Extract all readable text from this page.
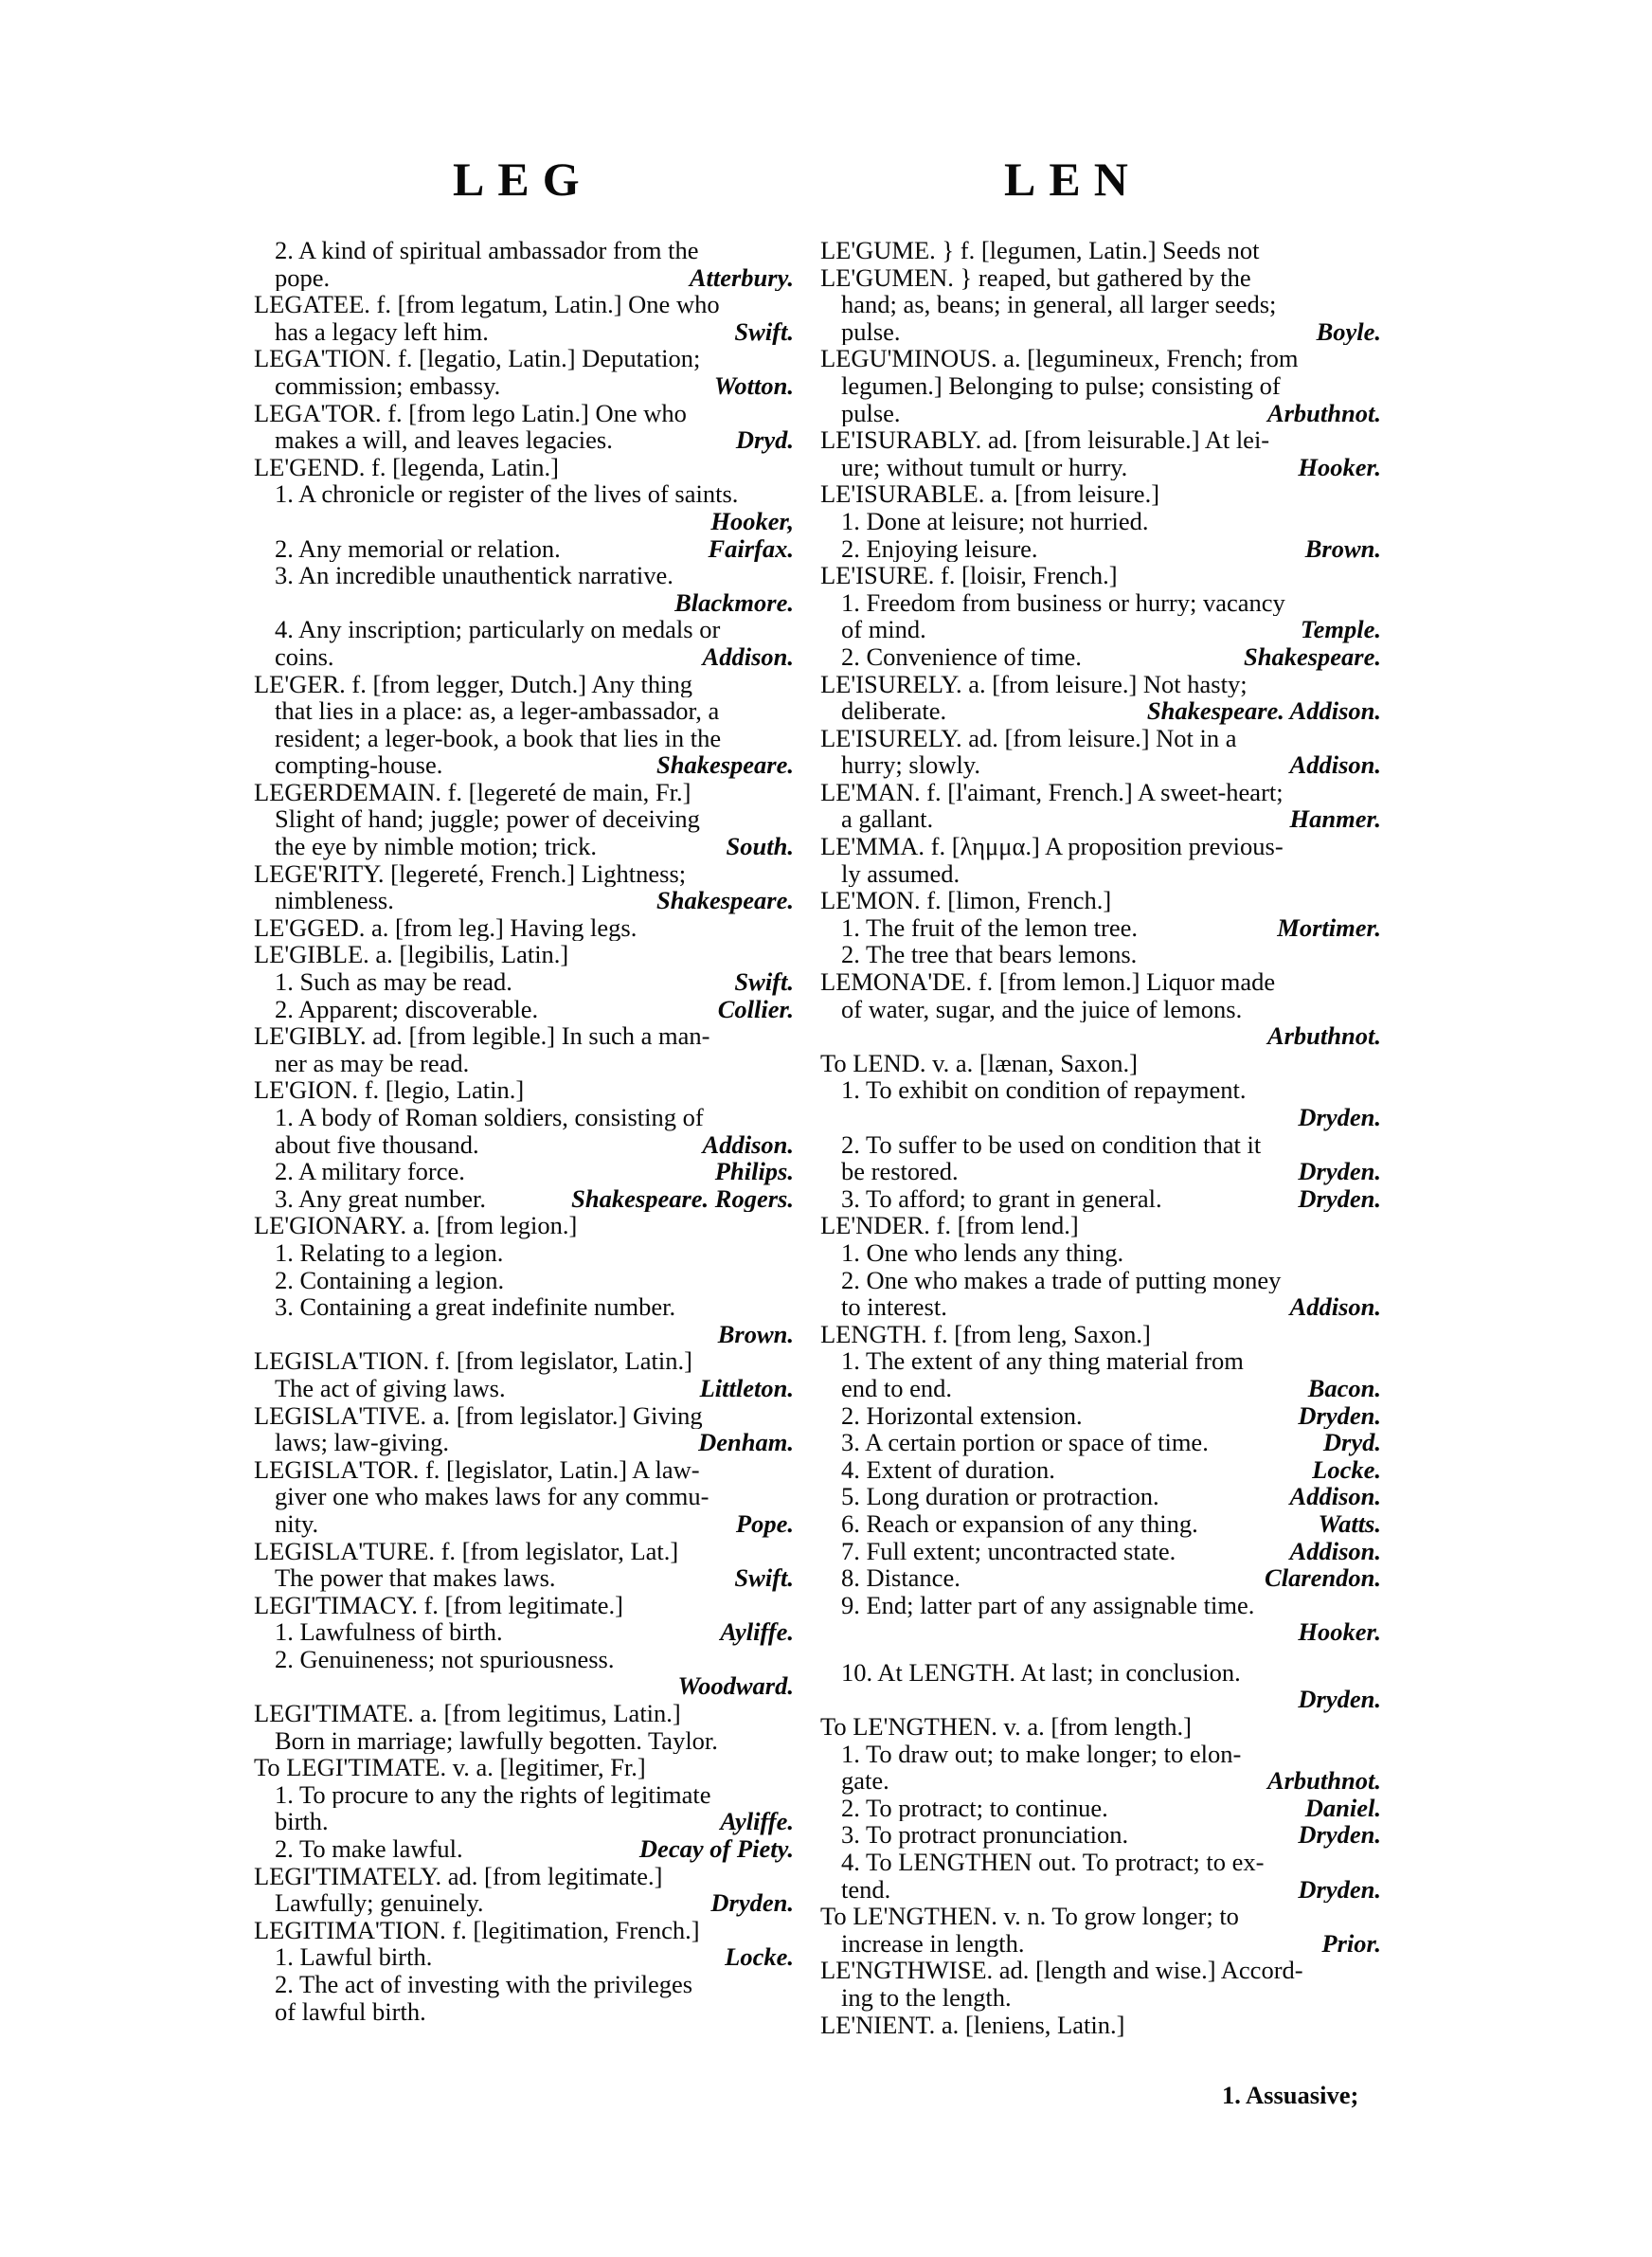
LEG	LEN
2. A kind of spiritual ambassador from the
Atterbury.
pope.
LEGATEE. f. [from legatum, Latin.] One who
Swift.
has a legacy left him.
LEGA'TION. f. [legatio, Latin.] Deputation;
Wotton.
commission; embassy.
LEGA'TOR. f. [from lego Latin.] One who
Dryd.
makes a will, and leaves legacies.
LE'GEND. f. [legenda, Latin.]
1. A chronicle or register of the lives of saints.
Hooker,

Fairfax.
2. Any memorial or relation.
3. An incredible unauthentick narrative.
Blackmore.

4. Any inscription; particularly on medals or
Addison.
coins.
LE'GER. f. [from legger, Dutch.] Any thing
that lies in a place: as, a leger-ambassador, a
resident; a leger-book, a book that lies in the
Shakespeare.
compting-house.
LEGERDEMAIN. f. [legereté de main, Fr.]
Slight of hand; juggle; power of deceiving
South.
the eye by nimble motion; trick.
LEGE'RITY. [legereté, French.] Lightness;
Shakespeare.
nimbleness.
LE'GGED. a. [from leg.] Having legs.
LE'GIBLE. a. [legibilis, Latin.]
Swift.
1. Such as may be read.
Collier.
2. Apparent; discoverable.
LE'GIBLY. ad. [from legible.] In such a man-
ner as may be read.
LE'GION. f. [legio, Latin.]
1. A body of Roman soldiers, consisting of
Addison.
about five thousand.
Philips.
2. A military force.
Shakespeare. Rogers.
3. Any great number.
LE'GIONARY. a. [from legion.]
1. Relating to a legion.
2. Containing a legion.
3. Containing a great indefinite number.
Brown.

LEGISLA'TION. f. [from legislator, Latin.]
Littleton.
The act of giving laws.
LEGISLA'TIVE. a. [from legislator.] Giving
Denham.
laws; law-giving.
LEGISLA'TOR. f. [legislator, Latin.] A law-
giver one who makes laws for any commu-
Pope.
nity.
LEGISLA'TURE. f. [from legislator, Lat.]
Swift.
The power that makes laws.
LEGI'TIMACY. f. [from legitimate.]
Ayliffe.
1. Lawfulness of birth.
2. Genuineness; not spuriousness.
Woodward.

LEGI'TIMATE. a. [from legitimus, Latin.]
Born in marriage; lawfully begotten. Taylor.
To LEGI'TIMATE. v. a. [legitimer, Fr.]
1. To procure to any the rights of legitimate
Ayliffe.
birth.
Decay of Piety.
2. To make lawful.
LEGI'TIMATELY. ad. [from legitimate.]
Dryden.
Lawfully; genuinely.
LEGITIMA'TION. f. [legitimation, French.]
Locke.
1. Lawful birth.
2. The act of investing with the privileges
of lawful birth.
LE'GUME. } f. [legumen, Latin.] Seeds not
LE'GUMEN. } reaped, but gathered by the
hand; as, beans; in general, all larger seeds;
Boyle.
pulse.
LEGU'MINOUS. a. [legumineux, French; from
legumen.] Belonging to pulse; consisting of
Arbuthnot.
pulse.
LE'ISURABLY. ad. [from leisurable.] At lei-
Hooker.
ure; without tumult or hurry.
LE'ISURABLE. a. [from leisure.]
1. Done at leisure; not hurried.
Brown.
2. Enjoying leisure.
LE'ISURE. f. [loisir, French.]
1. Freedom from business or hurry; vacancy
Temple.
of mind.
Shakespeare.
2. Convenience of time.
LE'ISURELY. a. [from leisure.] Not hasty;
Shakespeare. Addison.
deliberate.
LE'ISURELY. ad. [from leisure.] Not in a
Addison.
hurry; slowly.
LE'MAN. f. [l'aimant, French.] A sweet-heart;
Hanmer.
a gallant.
LE'MMA. f. [λημμα.] A proposition previous-
ly assumed.
LE'MON. f. [limon, French.]
Mortimer.
1. The fruit of the lemon tree.
2. The tree that bears lemons.
LEMONA'DE. f. [from lemon.] Liquor made
of water, sugar, and the juice of lemons.
Arbuthnot.

To LEND. v. a. [lænan, Saxon.]
1. To exhibit on condition of repayment.
Dryden.

2. To suffer to be used on condition that it
Dryden.
be restored.
Dryden.
3. To afford; to grant in general.
LE'NDER. f. [from lend.]
1. One who lends any thing.
2. One who makes a trade of putting money
Addison.
to interest.
LENGTH. f. [from leng, Saxon.]
1. The extent of any thing material from
Bacon.
end to end.
Dryden.
2. Horizontal extension.
Dryd.
3. A certain portion or space of time.
Locke.
4. Extent of duration.
Addison.
5. Long duration or protraction.
Watts.
6. Reach or expansion of any thing.
Addison.
7. Full extent; uncontracted state.
Clarendon.
8. Distance.
9. End; latter part of any assignable time.
Hooker.

10. At LENGTH. At last; in conclusion.
Dryden.

To LE'NGTHEN. v. a. [from length.]
1. To draw out; to make longer; to elon-
Arbuthnot.
gate.
Daniel.
2. To protract; to continue.
Dryden.
3. To protract pronunciation.
4. To LENGTHEN out. To protract; to ex-
Dryden.
tend.
To LE'NGTHEN. v. n. To grow longer; to
Prior.
increase in length.
LE'NGTHWISE. ad. [length and wise.] Accord-
ing to the length.
LE'NIENT. a. [leniens, Latin.]
1. Assuasive;
